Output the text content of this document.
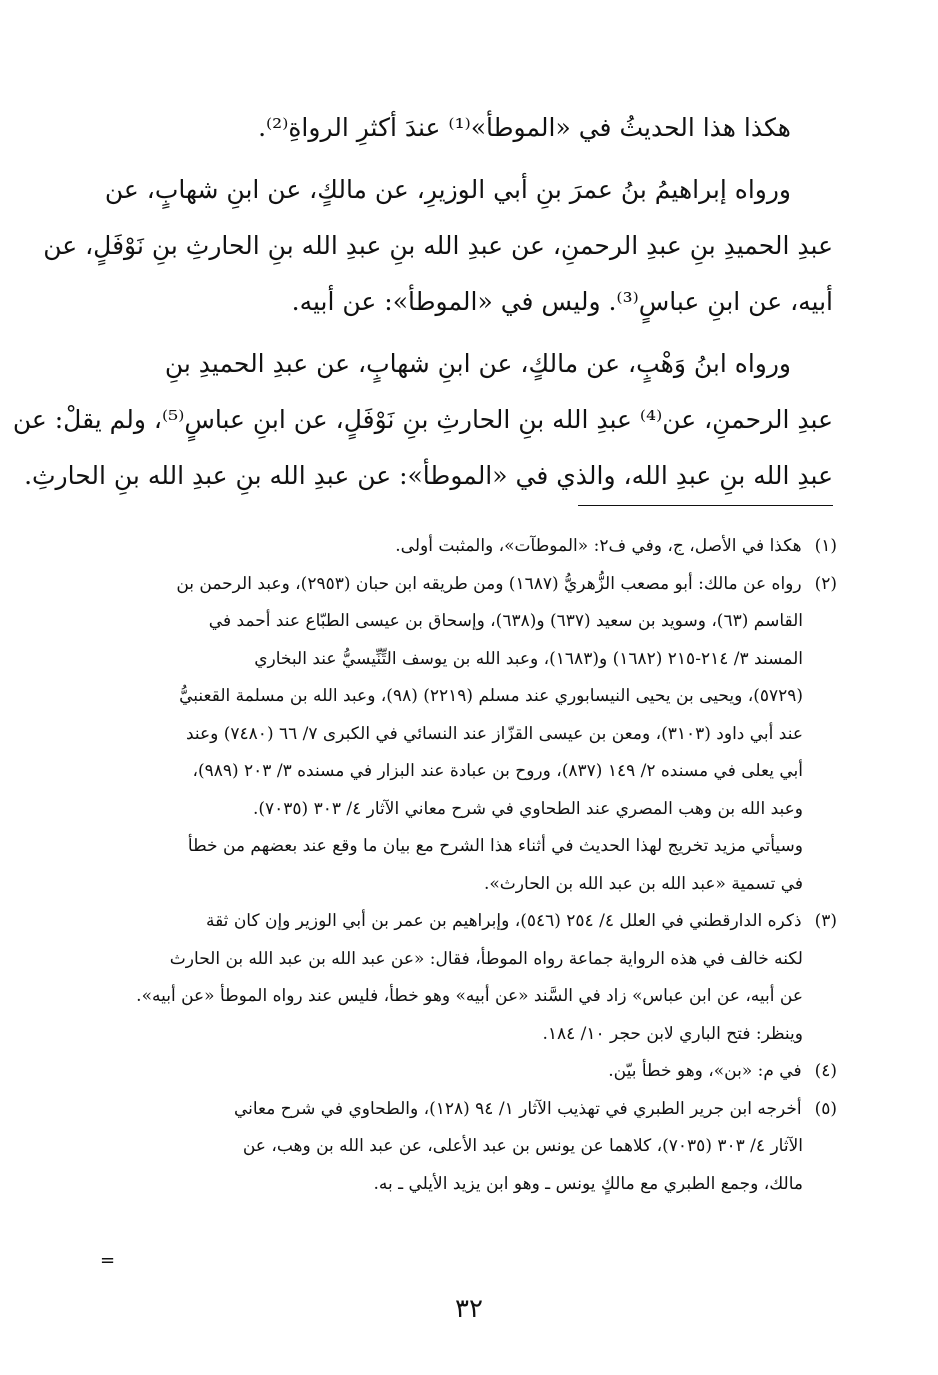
هكذا هذا الحديثُ في «الموطأ»⁽¹⁾ عندَ أكثرِ الرواةِ⁽²⁾.

ورواه إبراهيمُ بنُ عمرَ بنِ أبي الوزيرِ، عن مالكٍ، عن ابنِ شهابٍ، عن
عبدِ الحميدِ بنِ عبدِ الرحمنِ، عن عبدِ الله بنِ عبدِ الله بنِ الحارثِ بنِ نَوْفَلٍ، عن
أبيه، عن ابنِ عباسٍ⁽³⁾. وليس في «الموطأ»: عن أبيه.

ورواه ابنُ وَهْبٍ، عن مالكٍ، عن ابنِ شهابٍ، عن عبدِ الحميدِ بنِ
عبدِ الرحمنِ، عن⁽⁴⁾ عبدِ الله بنِ الحارثِ بنِ نَوْفَلٍ، عن ابنِ عباسٍ⁽⁵⁾، ولم يقلْ: عن
عبدِ الله بنِ عبدِ الله، والذي في «الموطأ»: عن عبدِ الله بنِ عبدِ الله بنِ الحارثِ.

(١) هكذا في الأصل، ج، وفي ف٢: «الموطآت»، والمثبت أولى.
(٢) رواه عن مالك: أبو مصعب الزُّهريُّ (١٦٨٧) ومن طريقه ابن حبان (٢٩٥٣)، وعبد الرحمن بن
القاسم (٦٣)، وسويد بن سعيد (٦٣٧) و(٦٣٨)، وإسحاق بن عيسى الطبّاع عند أحمد في
المسند ٣/ ٢١٤-٢١٥ (١٦٨٢) و(١٦٨٣)، وعبد الله بن يوسف التِّنِّيسيُّ عند البخاري
(٥٧٢٩)، ويحيى بن يحيى النيسابوري عند مسلم (٢٢١٩) (٩٨)، وعبد الله بن مسلمة القعنبيُّ
عند أبي داود (٣١٠٣)، ومعن بن عيسى القزّاز عند النسائي في الكبرى ٧/ ٦٦ (٧٤٨٠) وعند
أبي يعلى في مسنده ٢/ ١٤٩ (٨٣٧)، وروح بن عبادة عند البزار في مسنده ٣/ ٢٠٣ (٩٨٩)،
وعبد الله بن وهب المصري عند الطحاوي في شرح معاني الآثار ٤/ ٣٠٣ (٧٠٣٥).
وسيأتي مزيد تخريج لهذا الحديث في أثناء هذا الشرح مع بيان ما وقع عند بعضهم من خطأ
في تسمية «عبد الله بن عبد الله بن الحارث».
(٣) ذكره الدارقطني في العلل ٤/ ٢٥٤ (٥٤٦)، وإبراهيم بن عمر بن أبي الوزير وإن كان ثقة
لكنه خالف في هذه الرواية جماعة رواه الموطأ، فقال: «عن عبد الله بن عبد الله بن الحارث
عن أبيه، عن ابن عباس» زاد في السَّند «عن أبيه» وهو خطأ، فليس عند رواه الموطأ «عن أبيه».
وينظر: فتح الباري لابن حجر ١٠/ ١٨٤.
(٤) في م: «بن»، وهو خطأ بيّن.
(٥) أخرجه ابن جرير الطبري في تهذيب الآثار ١/ ٩٤ (١٢٨)، والطحاوي في شرح معاني
الآثار ٤/ ٣٠٣ (٧٠٣٥)، كلاهما عن يونس بن عبد الأعلى، عن عبد الله بن وهب، عن
مالك، وجمع الطبري مع مالكٍ يونس ـ وهو ابن يزيد الأيلي ـ به.
=
٣٢
